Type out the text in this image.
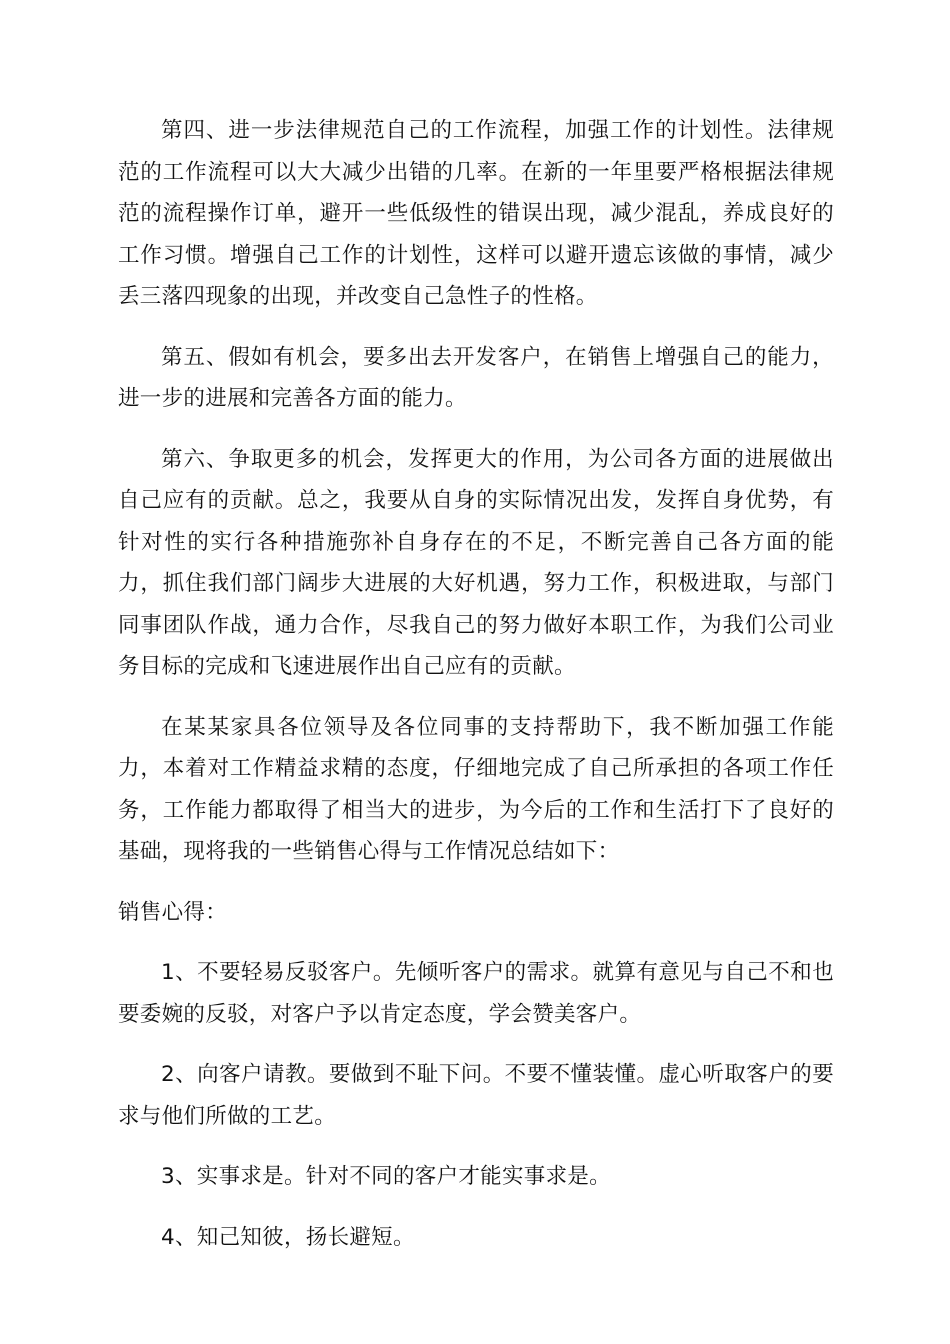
第四、进一步法律规范自己的工作流程，加强工作的计划性。法律规范的工作流程可以大大减少出错的几率。在新的一年里要严格根据法律规范的流程操作订单，避开一些低级性的错误出现，减少混乱，养成良好的工作习惯。增强自己工作的计划性，这样可以避开遗忘该做的事情，减少丢三落四现象的出现，并改变自己急性子的性格。

第五、假如有机会，要多出去开发客户，在销售上增强自己的能力，进一步的进展和完善各方面的能力。

第六、争取更多的机会，发挥更大的作用，为公司各方面的进展做出自己应有的贡献。总之，我要从自身的实际情况出发，发挥自身优势，有针对性的实行各种措施弥补自身存在的不足，不断完善自己各方面的能力，抓住我们部门阔步大进展的大好机遇，努力工作，积极进取，与部门同事团队作战，通力合作，尽我自己的努力做好本职工作，为我们公司业务目标的完成和飞速进展作出自己应有的贡献。

在某某家具各位领导及各位同事的支持帮助下，我不断加强工作能力，本着对工作精益求精的态度，仔细地完成了自己所承担的各项工作任务，工作能力都取得了相当大的进步，为今后的工作和生活打下了良好的基础，现将我的一些销售心得与工作情况总结如下：

销售心得：

1、不要轻易反驳客户。先倾听客户的需求。就算有意见与自己不和也要委婉的反驳，对客户予以肯定态度，学会赞美客户。

2、向客户请教。要做到不耻下问。不要不懂装懂。虚心听取客户的要求与他们所做的工艺。

3、实事求是。针对不同的客户才能实事求是。

4、知己知彼，扬长避短。
